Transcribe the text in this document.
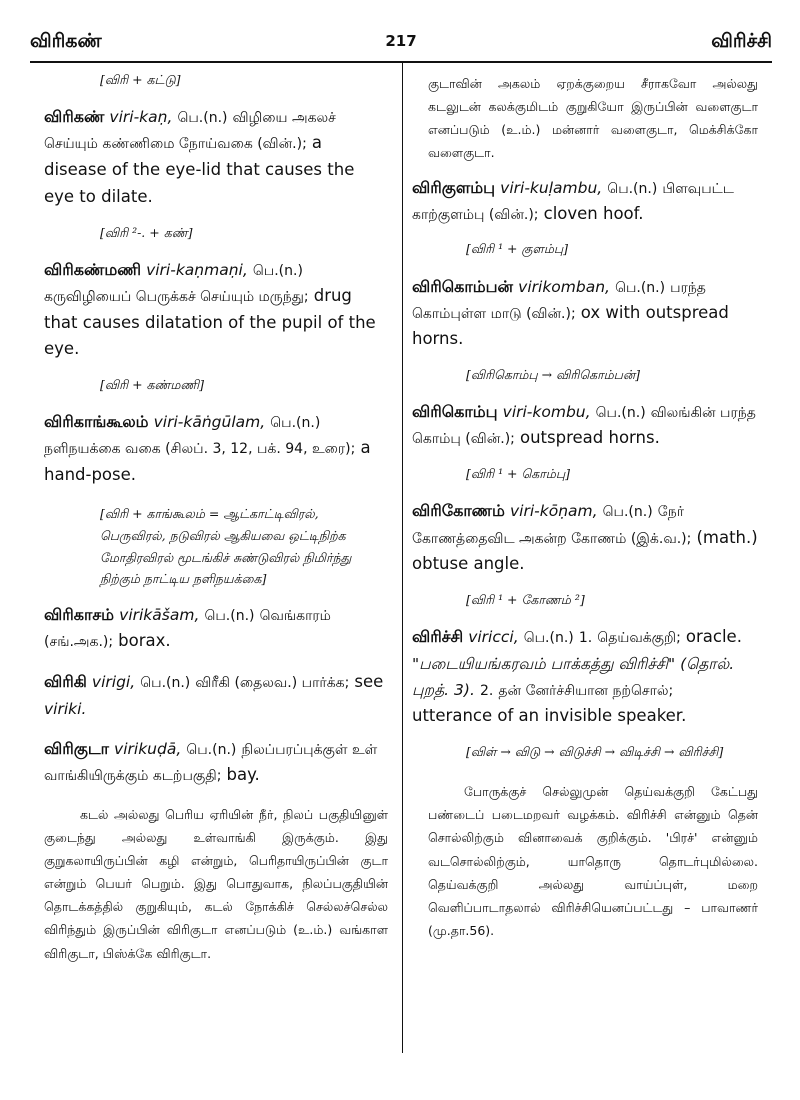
விரிகண்	217	விரிச்சி
[விரி + கட்டு]
விரிகண் viri-kaṇ, பெ.(n.) விழியை அகலச் செய்யும் கண்ணிமை நோய்வகை (வின்.); a disease of the eye-lid that causes the eye to dilate.
[விரி ²-. + கண்]
விரிகண்மணி viri-kaṇmaṇi, பெ.(n.) கருவிழியைப் பெருக்கச் செய்யும் மருந்து; drug that causes dilatation of the pupil of the eye.
[விரி + கண்மணி]
விரிகாங்கூலம் viri-kāṅgūlam, பெ.(n.) நளிநயக்கை வகை (சிலப். 3, 12, பக். 94, உரை); a hand-pose.
[விரி + காங்கூலம் = ஆட்காட்டிவிரல், பெருவிரல், நடுவிரல் ஆகியவை ஒட்டிநிற்க மோதிரவிரல் மூடங்கிச் சுண்டுவிரல் நிமிர்ந்து நிற்கும் நாட்டிய நளிநயக்கை]
விரிகாசம் virikāšam, பெ.(n.) வெங்காரம் (சங்.அக.); borax.
விரிகி virigi, பெ.(n.) விரீகி (தைலவ.) பார்க்க; see viriki.
விரிகுடா virikuḍā, பெ.(n.) நிலப்பரப்புக்குள் உள் வாங்கியிருக்கும் கடற்பகுதி; bay.

கடல் அல்லது பெரிய ஏரியின் நீர், நிலப் பகுதியினுள் குடைந்து அல்லது உள்வாங்கி இருக்கும். இது குறுகலாயிருப்பின் கழி என்றும், பெரிதாயிருப்பின் குடா என்றும் பெயர் பெறும். இது பொதுவாக, நிலப்பகுதியின் தொடக்கத்தில் குறுகியும், கடல் நோக்கிச் செல்லச்செல்ல விரிந்தும் இருப்பின் விரிகுடா எனப்படும் (உ.ம்.) வங்காள விரிகுடா, பிஸ்க்கே விரிகுடா.

குடாவின் அகலம் ஏறக்குறைய சீராகவோ அல்லது கடலுடன் கலக்குமிடம் குறுகியோ இருப்பின் வளைகுடா எனப்படும் (உ.ம்.) மன்னார் வளைகுடா, மெக்சிக்கோ வளைகுடா.

விரிகுளம்பு viri-kuḷambu, பெ.(n.) பிளவுபட்ட காற்குளம்பு (வின்.); cloven hoof.
[விரி ¹ + குளம்பு]
விரிகொம்பன் virikomban, பெ.(n.) பரந்த கொம்புள்ள மாடு (வின்.); ox with outspread horns.
[விரிகொம்பு → விரிகொம்பன்]
விரிகொம்பு viri-kombu, பெ.(n.) விலங்கின் பரந்த கொம்பு (வின்.); outspread horns.
[விரி ¹ + கொம்பு]
விரிகோணம் viri-kōṇam, பெ.(n.) நேர் கோணத்தைவிட அகன்ற கோணம் (இக்.வ.); (math.) obtuse angle.
[விரி ¹ + கோணம் ²]
விரிச்சி viricci, பெ.(n.) 1. தெய்வக்குறி; oracle. "படையியங்கரவம் பாக்கத்து விரிச்சி" (தொல். புறத். 3). 2. தன் னேர்ச்சியான நற்சொல்; utterance of an invisible speaker.
[விள் → விடு → விடுச்சி → விடிச்சி → விரிச்சி]

போருக்குச் செல்லுமுன் தெய்வக்குறி கேட்பது பண்டைப் படைமறவர் வழக்கம். விரிச்சி என்னும் தென் சொல்லிற்கும் வினாவைக் குறிக்கும். 'பிரச்' என்னும் வடசொல்லிற்கும், யாதொரு தொடர்புமில்லை. தெய்வக்குறி அல்லது வாய்ப்புள், மறை வெளிப்பாடாதலால் விரிச்சியெனப்பட்டது – பாவாணர் (மு.தா.56).
